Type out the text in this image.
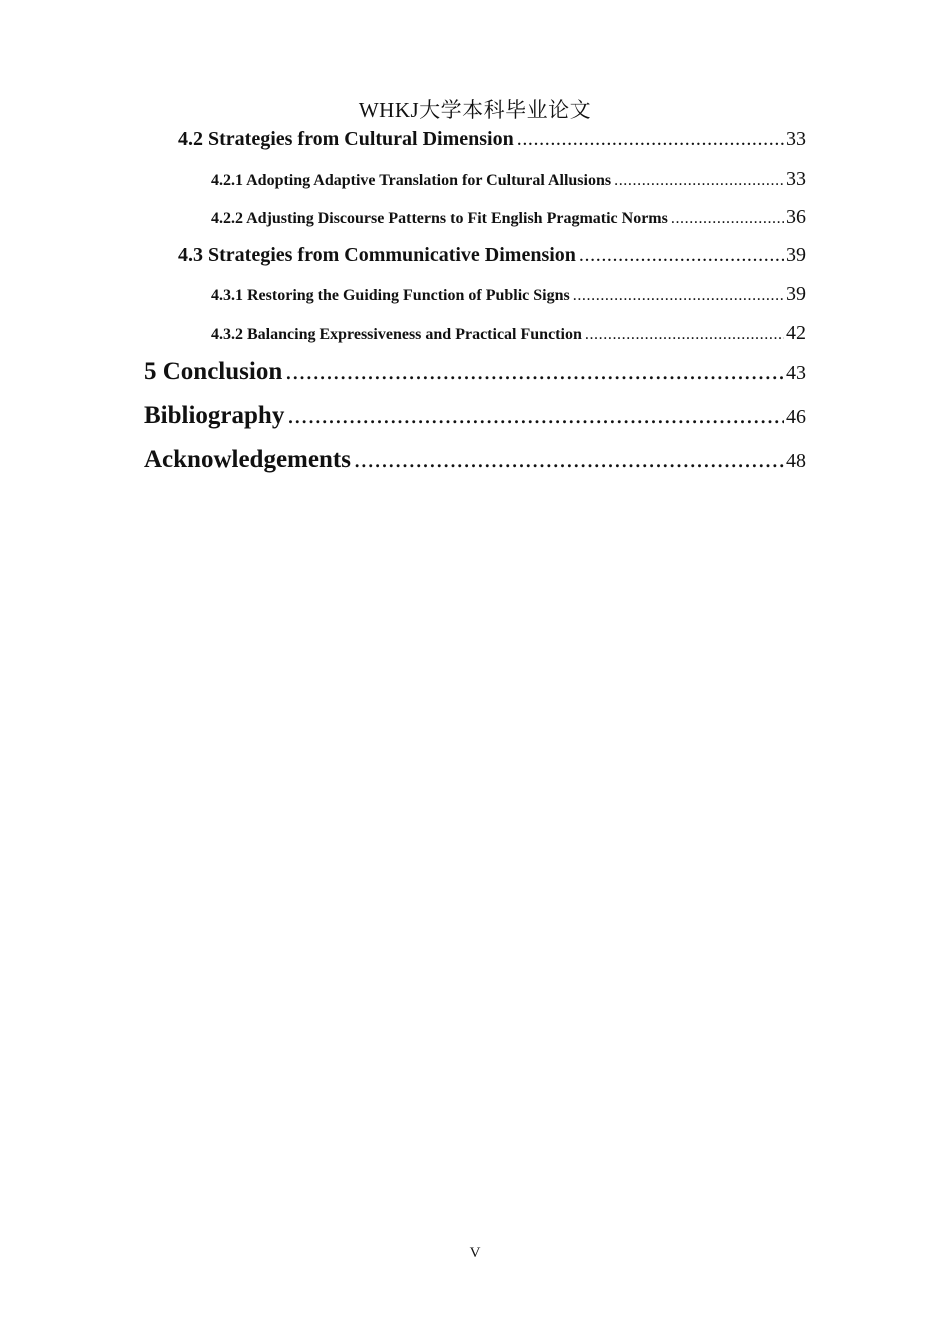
WHKJ大学本科毕业论文
4.2 Strategies from Cultural Dimension .....	33
4.2.1 Adopting Adaptive Translation for Cultural Allusions .....	33
4.2.2 Adjusting Discourse Patterns to Fit English Pragmatic Norms .....	36
4.3 Strategies from Communicative Dimension .....	39
4.3.1 Restoring the Guiding Function of Public Signs .....	39
4.3.2 Balancing Expressiveness and Practical Function .....	42
5 Conclusion .....	43
Bibliography .....	46
Acknowledgements .....	48
V
